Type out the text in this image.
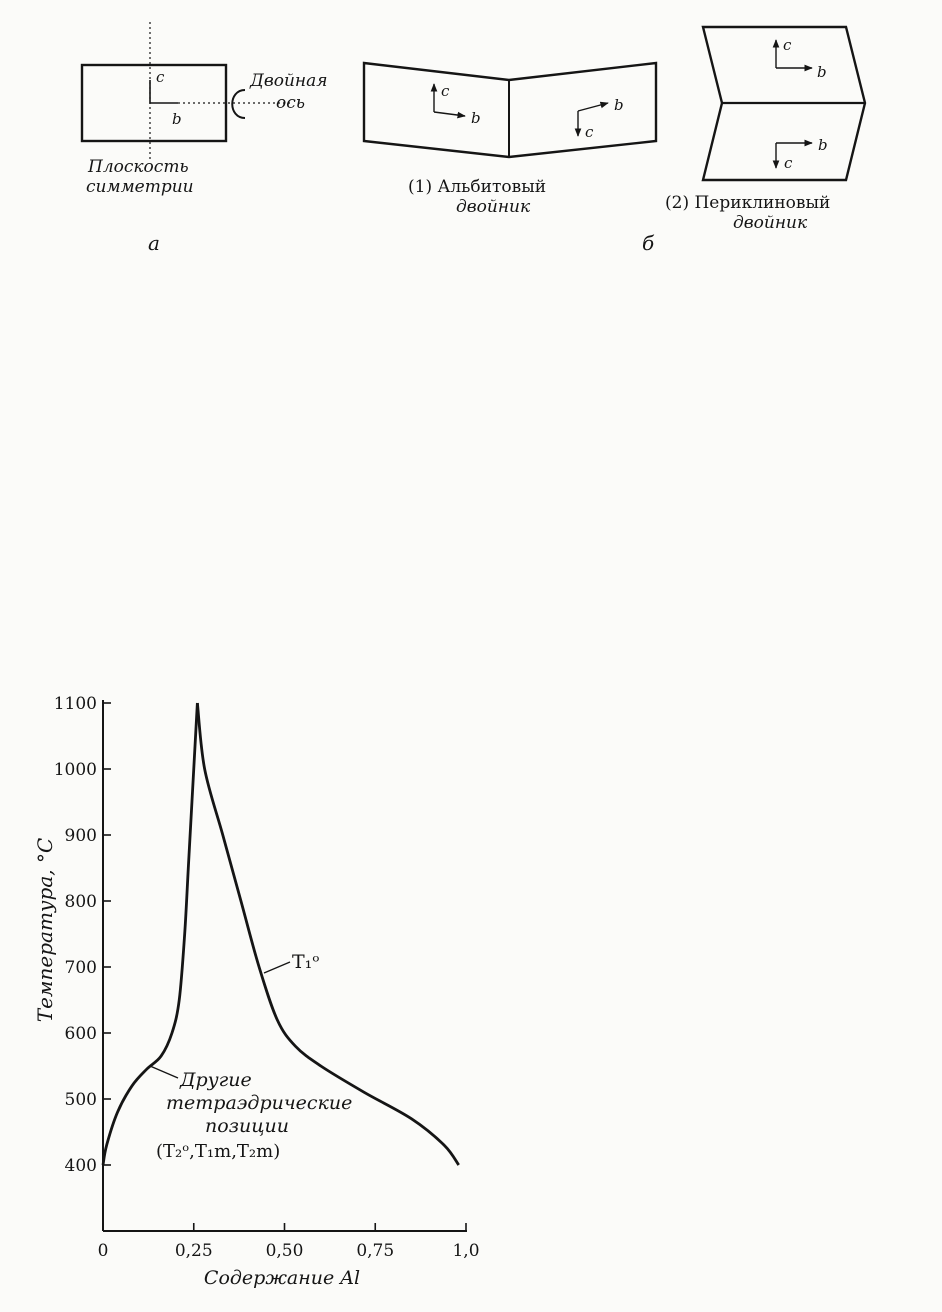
c
b
Двойная
ось
Плоскость
симметрии
а
c
b
b
c
(1) Альбитовый
двойник
c
b
b
c
(2) Периклиновый
двойник
б
400
500
600
700
800
900
1000
1100
0	0,25	0,50	0,75	1,0
Температура, °C
Содержание Al
T₁ᵒ
Другие
тетраэдрические
позиции
(T₂ᵒ,T₁m,T₂m)
